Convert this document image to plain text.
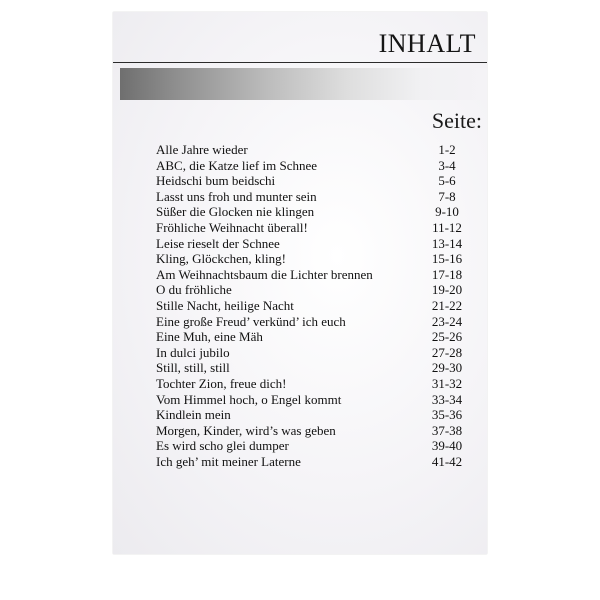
INHALT
Seite:
Alle Jahre wieder	1-2
ABC, die Katze lief im Schnee	3-4
Heidschi bum beidschi	5-6
Lasst uns froh und munter sein	7-8
Süßer die Glocken nie klingen	9-10
Fröhliche Weihnacht überall!	11-12
Leise rieselt der Schnee	13-14
Kling, Glöckchen, kling!	15-16
Am Weihnachtsbaum die Lichter brennen	17-18
O du fröhliche	19-20
Stille Nacht, heilige Nacht	21-22
Eine große Freud’ verkünd’ ich euch	23-24
Eine Muh, eine Mäh	25-26
In dulci jubilo	27-28
Still, still, still	29-30
Tochter Zion, freue dich!	31-32
Vom Himmel hoch, o Engel kommt	33-34
Kindlein mein	35-36
Morgen, Kinder, wird’s was geben	37-38
Es wird scho glei dumper	39-40
Ich geh’ mit meiner Laterne	41-42
